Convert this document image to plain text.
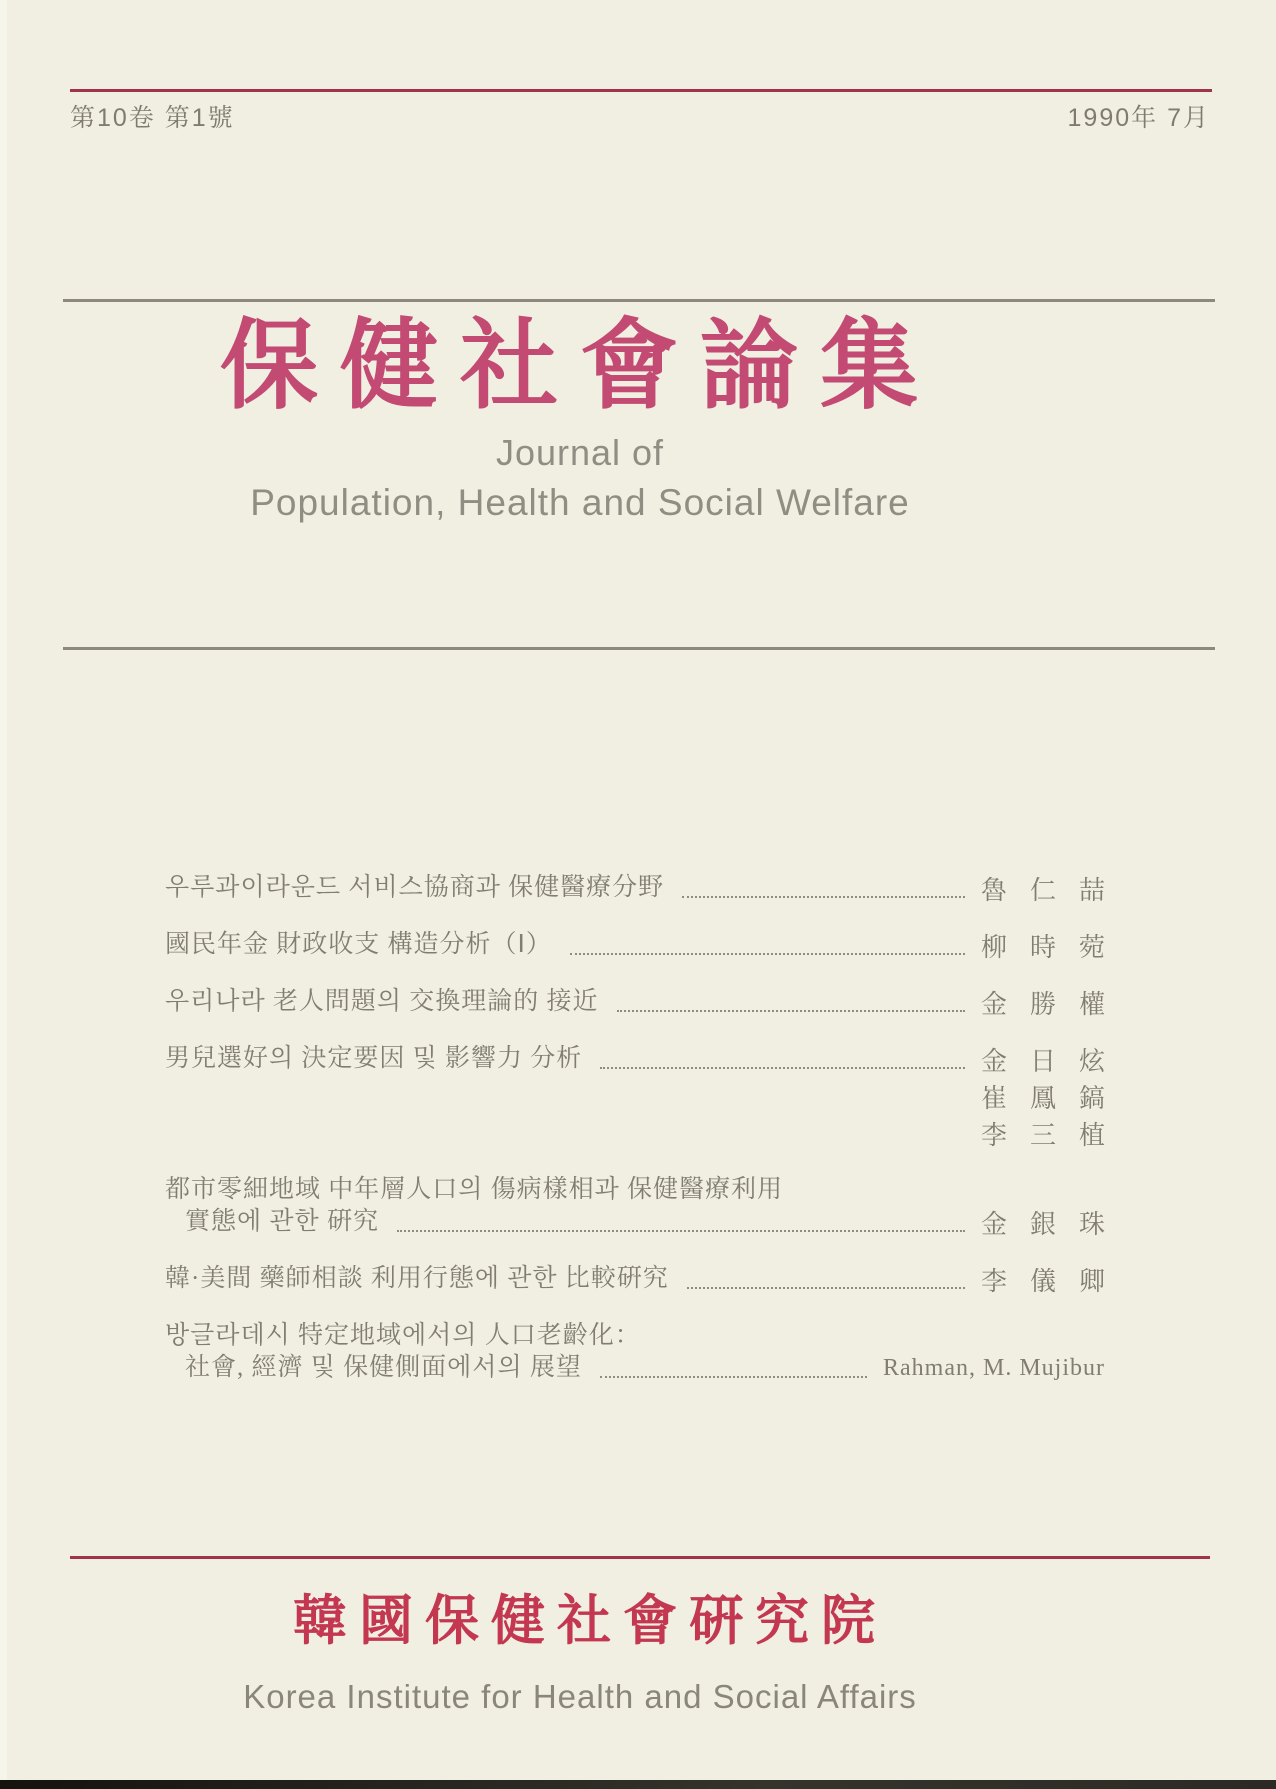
第10卷 第1號	1990年 7月
保健社會論集
Journal of
Population, Health and Social Welfare
우루과이라운드 서비스協商과 保健醫療分野	魯 仁 喆
國民年金 財政收支 構造分析（Ⅰ）	柳 時 菀
우리나라 老人問題의 交換理論的 接近	金 勝 權
男兒選好의 決定要因 및 影響力 分析	金 日 炫
崔 鳳 鎬
李 三 植
都市零細地域 中年層人口의 傷病樣相과 保健醫療利用
實態에 관한 硏究	金 銀 珠
韓·美間 藥師相談 利用行態에 관한 比較硏究	李 儀 卿
방글라데시 特定地域에서의 人口老齡化：
社會, 經濟 및 保健側面에서의 展望	Rahman, M. Mujibur
韓國保健社會硏究院
Korea Institute for Health and Social Affairs
